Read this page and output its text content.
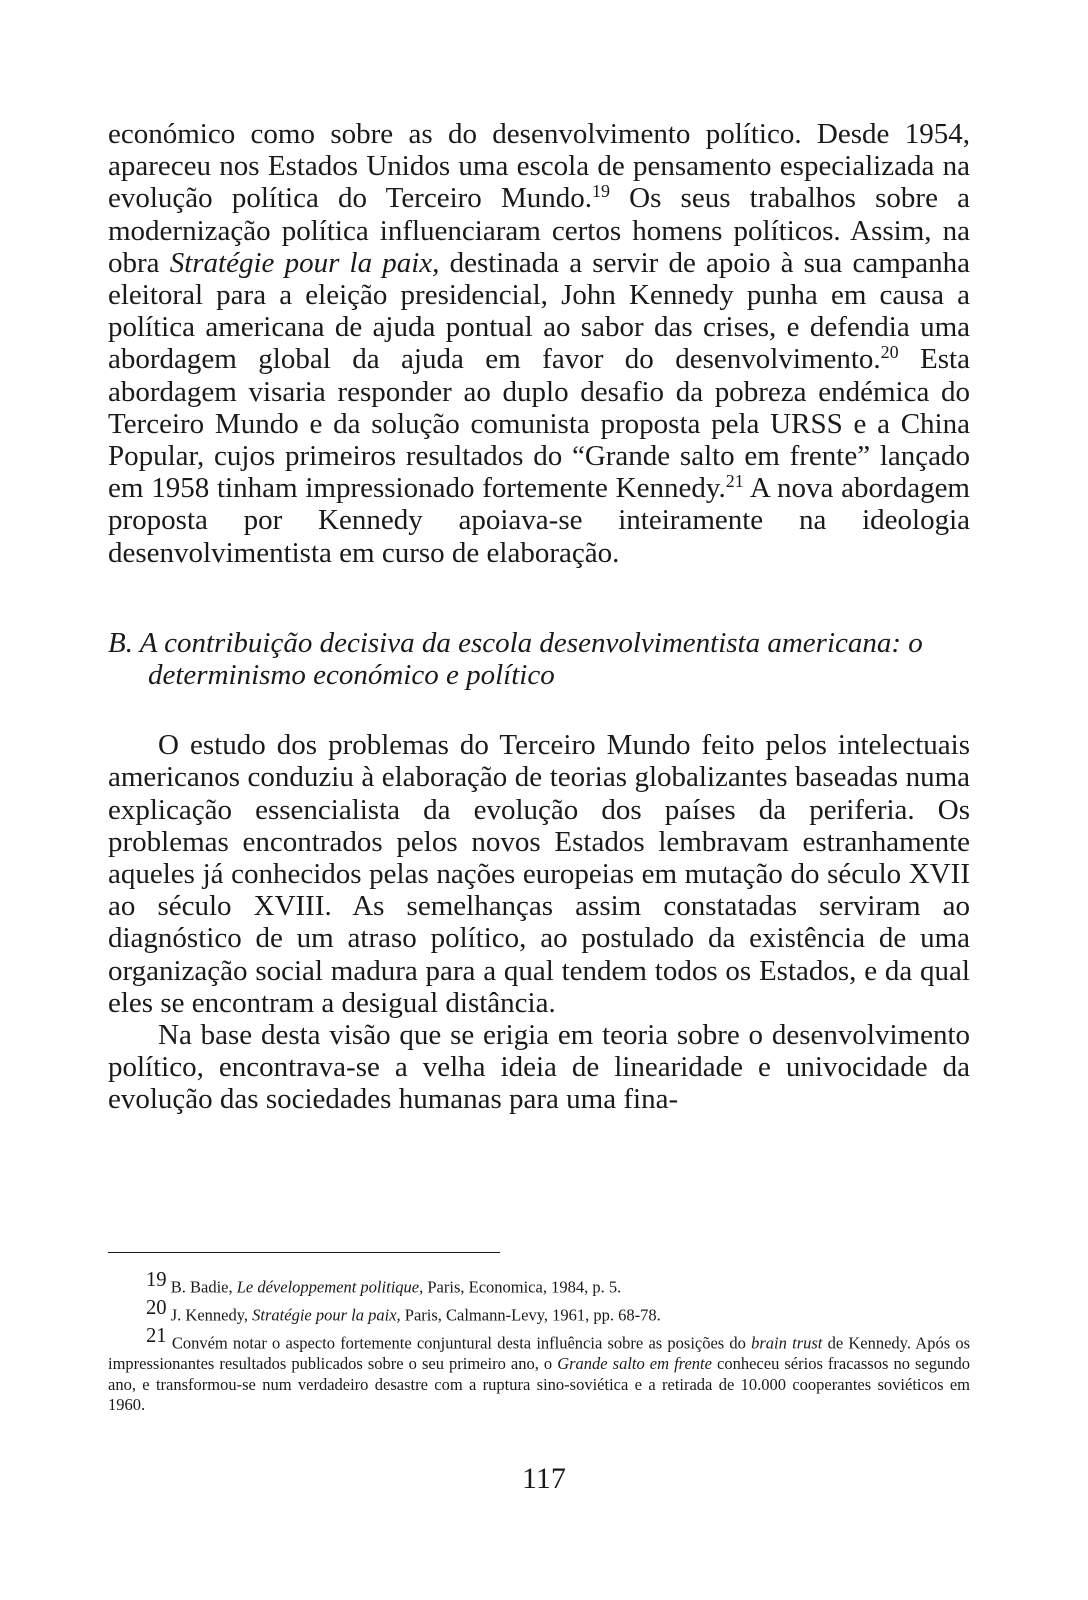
económico como sobre as do desenvolvimento político. Desde 1954, apareceu nos Estados Unidos uma escola de pensamento especializada na evolução política do Terceiro Mundo.$^{19}$ Os seus trabalhos sobre a modernização política influenciaram certos homens políticos. Assim, na obra Stratégie pour la paix, destinada a servir de apoio à sua campanha eleitoral para a eleição presidencial, John Kennedy punha em causa a política americana de ajuda pontual ao sabor das crises, e defendia uma abordagem global da ajuda em favor do desenvolvimento.$^{20}$ Esta abordagem visaria responder ao duplo desafio da pobreza endémica do Terceiro Mundo e da solução comunista proposta pela URSS e a China Popular, cujos primeiros resultados do “Grande salto em frente” lançado em 1958 tinham impressionado fortemente Kennedy.$^{21}$ A nova abordagem proposta por Kennedy apoiava-se inteiramente na ideologia desenvolvimentista em curso de elaboração.

B. A contribuição decisiva da escola desenvolvimentista americana: o determinismo económico e político

O estudo dos problemas do Terceiro Mundo feito pelos intelectuais americanos conduziu à elaboração de teorias globalizantes baseadas numa explicação essencialista da evolução dos países da periferia. Os problemas encontrados pelos novos Estados lembravam estranhamente aqueles já conhecidos pelas nações europeias em mutação do século XVII ao século XVIII. As semelhanças assim constatadas serviram ao diagnóstico de um atraso político, ao postulado da existência de uma organização social madura para a qual tendem todos os Estados, e da qual eles se encontram a desigual distância.

Na base desta visão que se erigia em teoria sobre o desenvolvimento político, encontrava-se a velha ideia de linearidade e univocidade da evolução das sociedades humanas para uma fina-

$^{19}$ B. Badie, Le développement politique, Paris, Economica, 1984, p. 5.

$^{20}$ J. Kennedy, Stratégie pour la paix, Paris, Calmann-Levy, 1961, pp. 68-78.

$^{21}$ Convém notar o aspecto fortemente conjuntural desta influência sobre as posições do brain trust de Kennedy. Após os impressionantes resultados publicados sobre o seu primeiro ano, o Grande salto em frente conheceu sérios fracassos no segundo ano, e transformou-se num verdadeiro desastre com a ruptura sino-soviética e a retirada de 10.000 cooperantes soviéticos em 1960.

117
